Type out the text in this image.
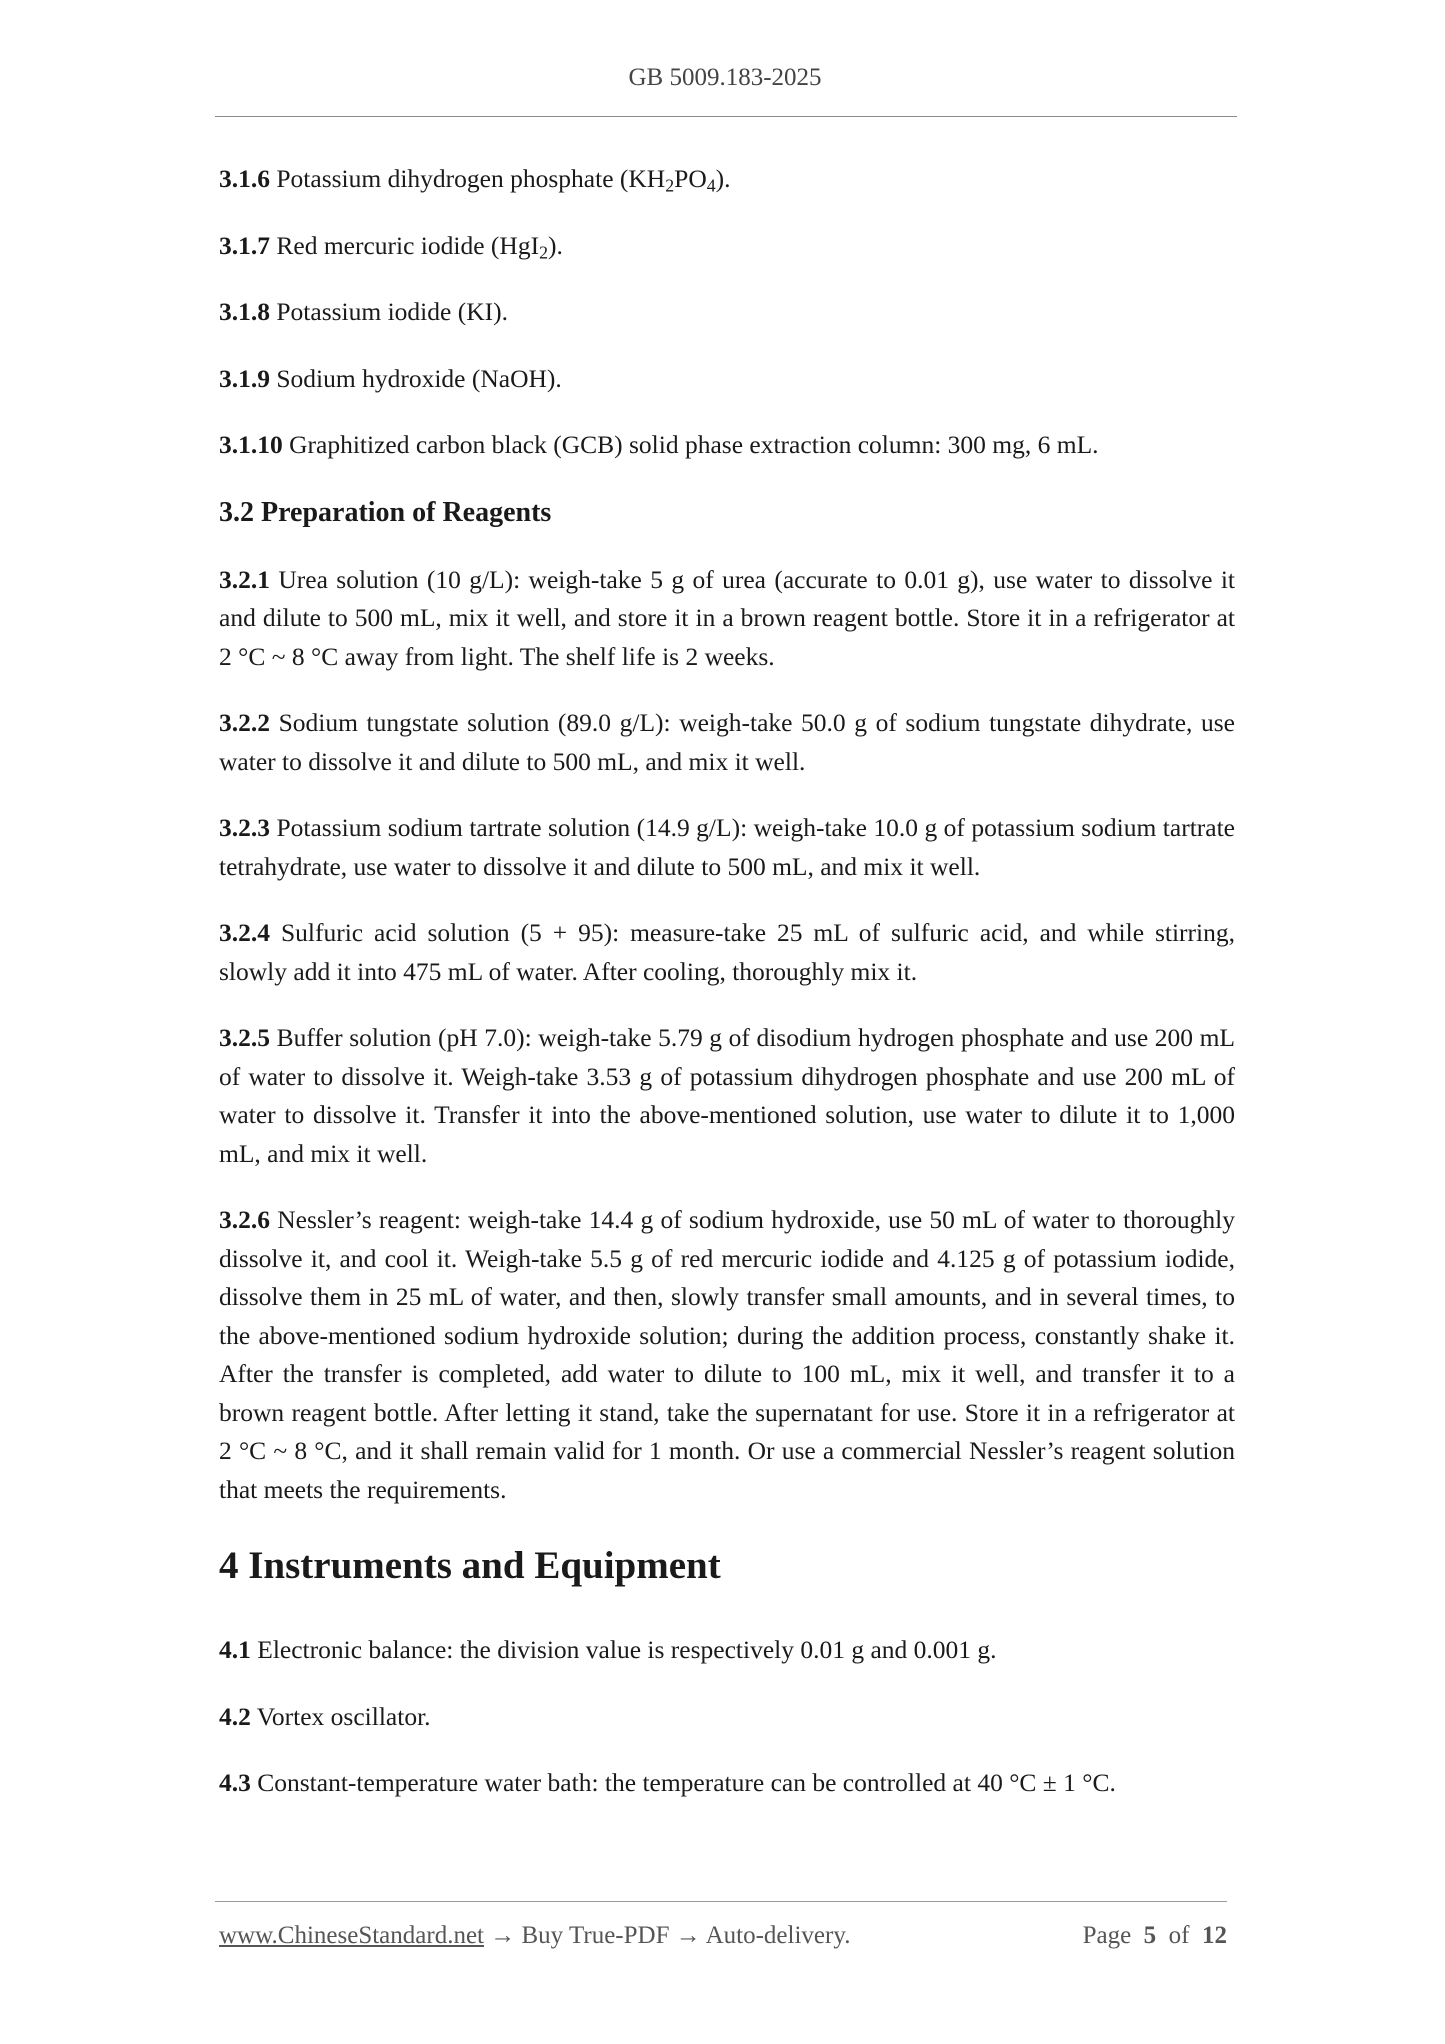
GB 5009.183-2025

3.1.6 Potassium dihydrogen phosphate $(KH_2PO_4)$.

3.1.7 Red mercuric iodide (HgI$_2$).

3.1.8 Potassium iodide (KI).

3.1.9 Sodium hydroxide (NaOH).

3.1.10 Graphitized carbon black (GCB) solid phase extraction column: 300 mg, 6 mL.

3.2 Preparation of Reagents

3.2.1 Urea solution (10 g/L): weigh-take 5 g of urea (accurate to 0.01 g), use water to dissolve it and dilute to 500 mL, mix it well, and store it in a brown reagent bottle. Store it in a refrigerator at 2 °C ~ 8 °C away from light. The shelf life is 2 weeks.

3.2.2 Sodium tungstate solution (89.0 g/L): weigh-take 50.0 g of sodium tungstate dihydrate, use water to dissolve it and dilute to 500 mL, and mix it well.

3.2.3 Potassium sodium tartrate solution (14.9 g/L): weigh-take 10.0 g of potassium sodium tartrate tetrahydrate, use water to dissolve it and dilute to 500 mL, and mix it well.

3.2.4 Sulfuric acid solution (5 + 95): measure-take 25 mL of sulfuric acid, and while stirring, slowly add it into 475 mL of water. After cooling, thoroughly mix it.

3.2.5 Buffer solution (pH 7.0): weigh-take 5.79 g of disodium hydrogen phosphate and use 200 mL of water to dissolve it. Weigh-take 3.53 g of potassium dihydrogen phosphate and use 200 mL of water to dissolve it. Transfer it into the above-mentioned solution, use water to dilute it to 1,000 mL, and mix it well.

3.2.6 Nessler’s reagent: weigh-take 14.4 g of sodium hydroxide, use 50 mL of water to thoroughly dissolve it, and cool it. Weigh-take 5.5 g of red mercuric iodide and 4.125 g of potassium iodide, dissolve them in 25 mL of water, and then, slowly transfer small amounts, and in several times, to the above-mentioned sodium hydroxide solution; during the addition process, constantly shake it. After the transfer is completed, add water to dilute to 100 mL, mix it well, and transfer it to a brown reagent bottle. After letting it stand, take the supernatant for use. Store it in a refrigerator at 2 °C ~ 8 °C, and it shall remain valid for 1 month. Or use a commercial Nessler’s reagent solution that meets the requirements.

4 Instruments and Equipment

4.1 Electronic balance: the division value is respectively 0.01 g and 0.001 g.

4.2 Vortex oscillator.

4.3 Constant-temperature water bath: the temperature can be controlled at 40 °C ± 1 °C.

www.ChineseStandard.net → Buy True-PDF → Auto-delivery.	Page 5 of 12
